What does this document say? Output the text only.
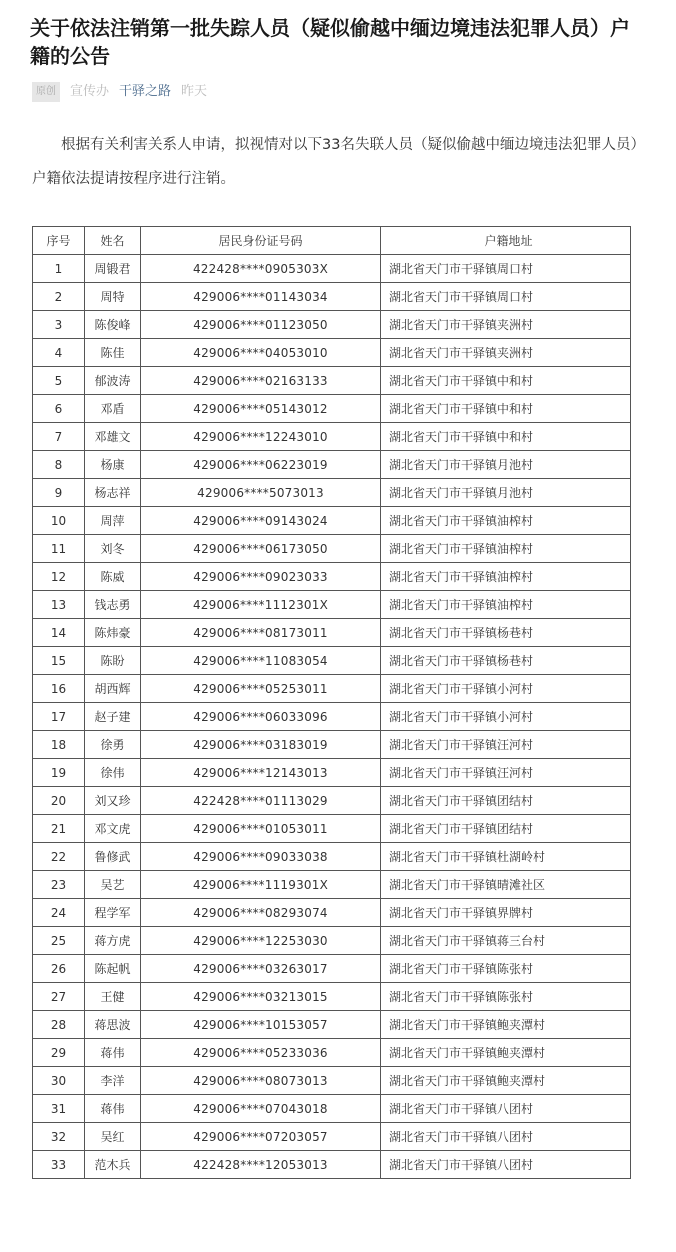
关于依法注销第一批失踪人员（疑似偷越中缅边境违法犯罪人员）户籍的公告
原创	宣传办 干驿之路 昨天
根据有关利害关系人申请，拟视情对以下33名失联人员（疑似偷越中缅边境违法犯罪人员）户籍依法提请按程序进行注销。
序号	姓名	居民身份证号码	户籍地址
1	周锻君	422428****0905303X	湖北省天门市干驿镇周口村
2	周特	429006****01143034	湖北省天门市干驿镇周口村
3	陈俊峰	429006****01123050	湖北省天门市干驿镇夹洲村
4	陈佳	429006****04053010	湖北省天门市干驿镇夹洲村
5	郁波涛	429006****02163133	湖北省天门市干驿镇中和村
6	邓盾	429006****05143012	湖北省天门市干驿镇中和村
7	邓雄文	429006****12243010	湖北省天门市干驿镇中和村
8	杨康	429006****06223019	湖北省天门市干驿镇月池村
9	杨志祥	429006****5073013	湖北省天门市干驿镇月池村
10	周萍	429006****09143024	湖北省天门市干驿镇油榨村
11	刘冬	429006****06173050	湖北省天门市干驿镇油榨村
12	陈威	429006****09023033	湖北省天门市干驿镇油榨村
13	钱志勇	429006****1112301X	湖北省天门市干驿镇油榨村
14	陈炜豪	429006****08173011	湖北省天门市干驿镇杨巷村
15	陈盼	429006****11083054	湖北省天门市干驿镇杨巷村
16	胡西辉	429006****05253011	湖北省天门市干驿镇小河村
17	赵子建	429006****06033096	湖北省天门市干驿镇小河村
18	徐勇	429006****03183019	湖北省天门市干驿镇汪河村
19	徐伟	429006****12143013	湖北省天门市干驿镇汪河村
20	刘又珍	422428****01113029	湖北省天门市干驿镇团结村
21	邓文虎	429006****01053011	湖北省天门市干驿镇团结村
22	鲁修武	429006****09033038	湖北省天门市干驿镇杜湖岭村
23	吴艺	429006****1119301X	湖北省天门市干驿镇晴滩社区
24	程学军	429006****08293074	湖北省天门市干驿镇界牌村
25	蒋方虎	429006****12253030	湖北省天门市干驿镇蒋三台村
26	陈起帆	429006****03263017	湖北省天门市干驿镇陈张村
27	王健	429006****03213015	湖北省天门市干驿镇陈张村
28	蒋思波	429006****10153057	湖北省天门市干驿镇鲍夹潭村
29	蒋伟	429006****05233036	湖北省天门市干驿镇鲍夹潭村
30	李洋	429006****08073013	湖北省天门市干驿镇鲍夹潭村
31	蒋伟	429006****07043018	湖北省天门市干驿镇八团村
32	吴红	429006****07203057	湖北省天门市干驿镇八团村
33	范木兵	422428****12053013	湖北省天门市干驿镇八团村
